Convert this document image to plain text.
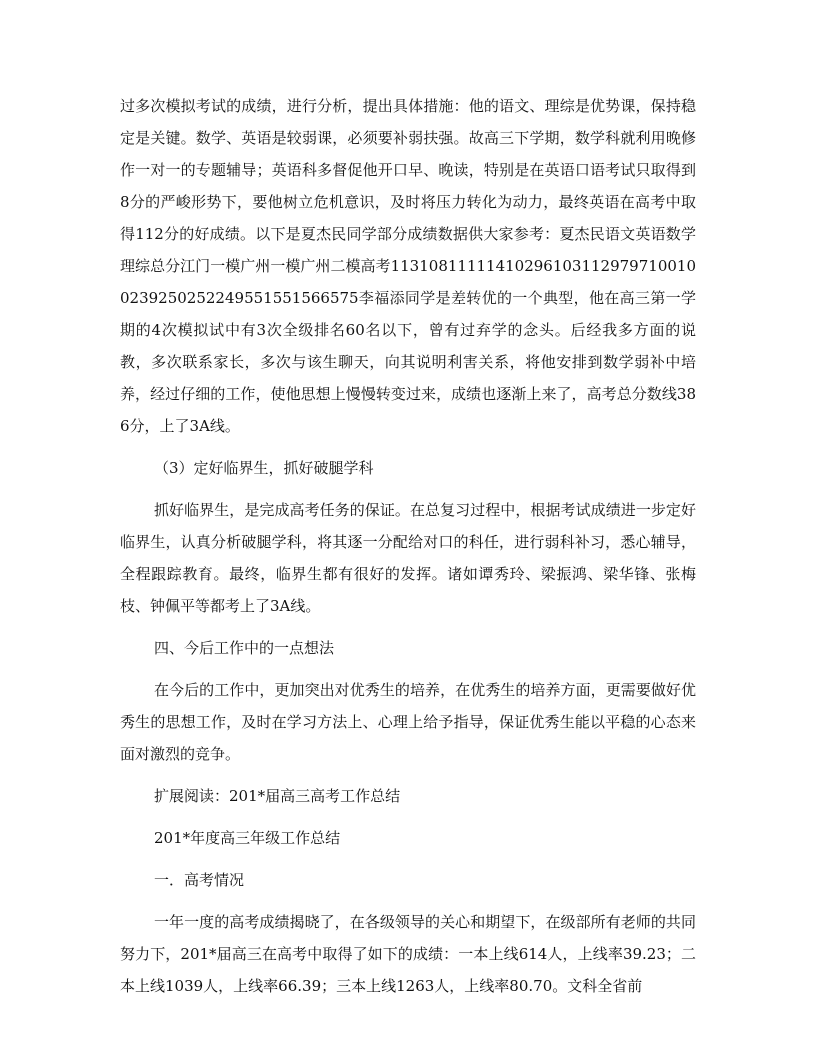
过多次模拟考试的成绩，进行分析，提出具体措施：他的语文、理综是优势课，保持稳定是关键。数学、英语是较弱课，必须要补弱扶强。故高三下学期，数学科就利用晚修作一对一的专题辅导；英语科多督促他开口早、晚读，特别是在英语口语考试只取得到8分的严峻形势下，要他树立危机意识，及时将压力转化为动力，最终英语在高考中取得112分的好成绩。以下是夏杰民同学部分成绩数据供大家参考：夏杰民语文英语数学理综总分江门一模广州一模广州二模高考1131081111141029610311297971001002392502522495515515665​75李福添同学是差转优的一个典型，他在高三第一学期的4次模拟试中有3次全级排名60名以下，曾有过弃学的念头。后经我多方面的说教，多次联系家长，多次与该生聊天，向其说明利害关系，将他安排到数学弱补中培养，经过仔细的工作，使他思想上慢慢转变过来，成绩也逐渐上来了，高考总分数线386分，上了3A线。

（3）定好临界生，抓好破腿学科

抓好临界生，是完成高考任务的保证。在总复习过程中，根据考试成绩进一步定好临界生，认真分析破腿学科，将其逐一分配给对口的科任，进行弱科补习，悉心辅导，全程跟踪教育。最终，临界生都有很好的发挥。诸如谭秀玲、梁振鸿、梁华锋、张梅枝、钟佩平等都考上了3A线。

四、今后工作中的一点想法

在今后的工作中，更加突出对优秀生的培养，在优秀生的培养方面，更需要做好优秀生的思想工作，及时在学习方法上、心理上给予指导，保证优秀生能以平稳的心态来面对激烈的竞争。

扩展阅读：201*届高三高考工作总结

201*年度高三年级工作总结

一．高考情况

一年一度的高考成绩揭晓了，在各级领导的关心和期望下，在级部所有老师的共同努力下，201*届高三在高考中取得了如下的成绩：一本上线614人，上线率39.23；二本上线1039人，上线率66.39；三本上线1263人，上线率80.70。文科全省前
